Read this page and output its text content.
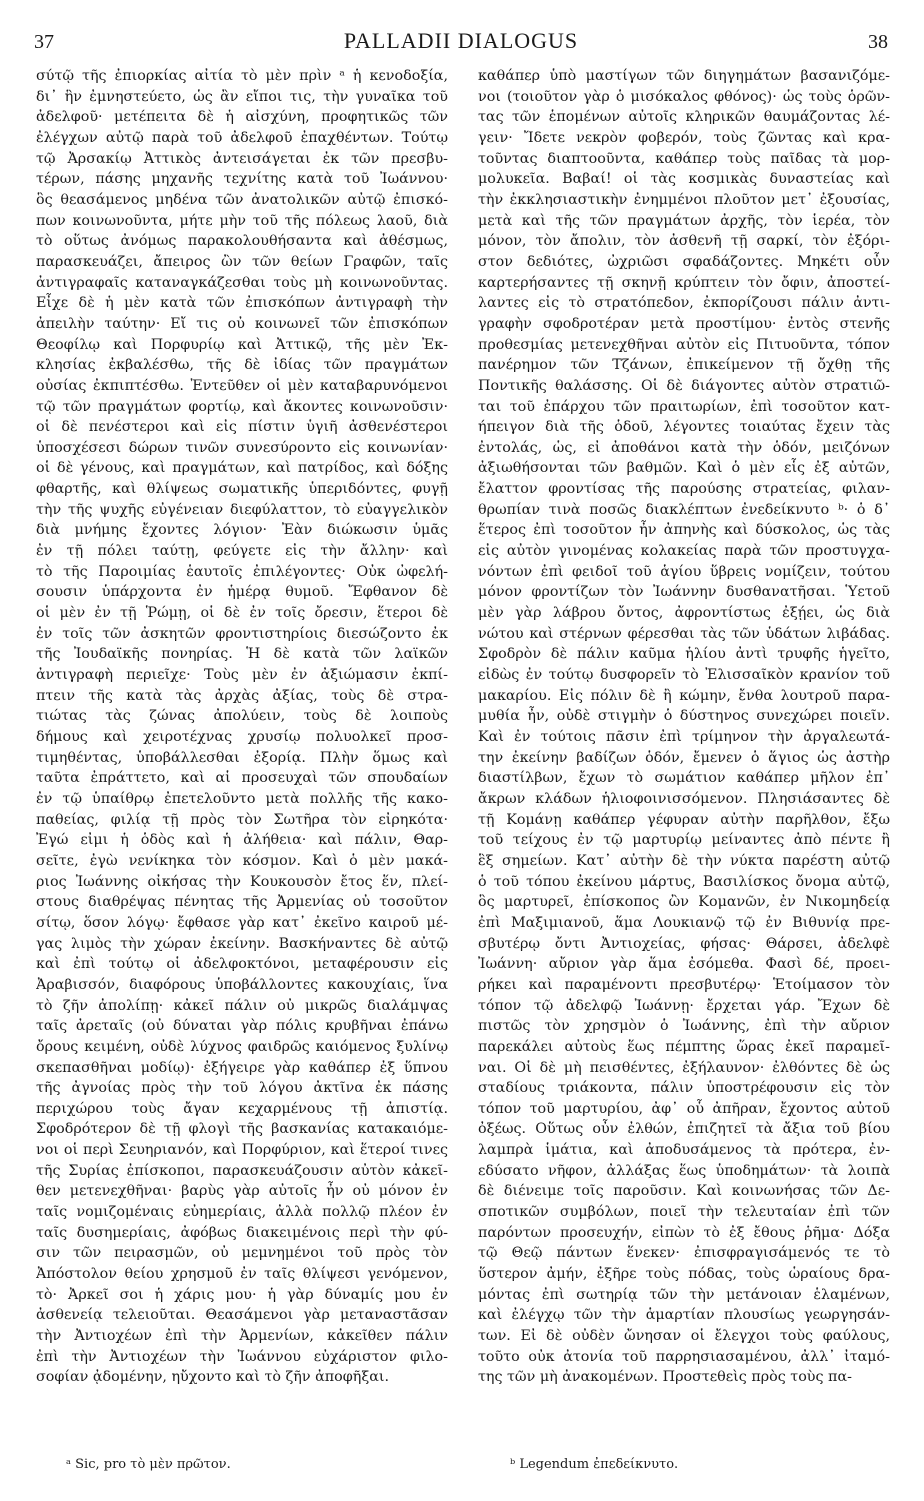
37	PALLADII DIALOGUS	38
σύτῷ τῆς ἐπιορκίας αἰτία τὸ μὲν πρὶν ᵃ ἡ κενοδοξία,
δι᾽ ἣν ἐμνηστεύετο, ὡς ἂν εἴποι τις, τὴν γυναῖκα τοῦ
ἀδελφοῦ· μετέπειτα δὲ ἡ αἰσχύνη, προφητικῶς τῶν
ἐλέγχων αὐτῷ παρὰ τοῦ ἀδελφοῦ ἐπαχθέντων. Τούτῳ
τῷ Ἀρσακίῳ Ἀττικὸς ἀντεισάγεται ἐκ τῶν πρεσβυ-
τέρων, πάσης μηχανῆς τεχνίτης κατὰ τοῦ Ἰωάννου·
ὃς θεασάμενος μηδένα τῶν ἀνατολικῶν αὐτῷ ἐπισκό-
πων κοινωνοῦντα, μήτε μὴν τοῦ τῆς πόλεως λαοῦ, διὰ
τὸ οὕτως ἀνόμως παρακολουθήσαντα καὶ ἀθέσμως,
παρασκευάζει, ἄπειρος ὢν τῶν θείων Γραφῶν, ταῖς
ἀντιγραφαῖς καταναγκάζεσθαι τοὺς μὴ κοινωνοῦντας.
Εἶχε δὲ ἡ μὲν κατὰ τῶν ἐπισκόπων ἀντιγραφὴ τὴν
ἀπειλὴν ταύτην· Εἴ τις οὐ κοινωνεῖ τῶν ἐπισκόπων
Θεοφίλῳ καὶ Πορφυρίῳ καὶ Ἀττικῷ, τῆς μὲν Ἐκ-
κλησίας ἐκβαλέσθω, τῆς δὲ ἰδίας τῶν πραγμάτων
οὐσίας ἐκπιπτέσθω. Ἐντεῦθεν οἱ μὲν καταβαρυνόμενοι
τῷ τῶν πραγμάτων φορτίῳ, καὶ ἄκοντες κοινωνοῦσιν·
οἱ δὲ πενέστεροι καὶ εἰς πίστιν ὑγιῆ ἀσθενέστεροι
ὑποσχέσεσι δώρων τινῶν συνεσύροντο εἰς κοινωνίαν·
οἱ δὲ γένους, καὶ πραγμάτων, καὶ πατρίδος, καὶ δόξης
φθαρτῆς, καὶ θλίψεως σωματικῆς ὑπεριδόντες, φυγῇ
τὴν τῆς ψυχῆς εὐγένειαν διεφύλαττον, τὸ εὐαγγελικὸν
διὰ μνήμης ἔχοντες λόγιον· Ἐὰν διώκωσιν ὑμᾶς
ἐν τῇ πόλει ταύτῃ, φεύγετε εἰς τὴν ἄλλην· καὶ
τὸ τῆς Παροιμίας ἑαυτοῖς ἐπιλέγοντες· Οὐκ ὠφελή-
σουσιν ὑπάρχοντα ἐν ἡμέρᾳ θυμοῦ. Ἔφθανον δὲ
οἱ μὲν ἐν τῇ Ῥώμῃ, οἱ δὲ ἐν τοῖς ὄρεσιν, ἕτεροι δὲ
ἐν τοῖς τῶν ἀσκητῶν φροντιστηρίοις διεσώζοντο ἐκ
τῆς Ἰουδαϊκῆς πονηρίας. Ἡ δὲ κατὰ τῶν λαϊκῶν
ἀντιγραφὴ περιεῖχε· Τοὺς μὲν ἐν ἀξιώμασιν ἐκπί-
πτειν τῆς κατὰ τὰς ἀρχὰς ἀξίας, τοὺς δὲ στρα-
τιώτας τὰς ζώνας ἀπολύειν, τοὺς δὲ λοιποὺς
δήμους καὶ χειροτέχνας χρυσίῳ πολυολκεῖ προσ-
τιμηθέντας, ὑποβάλλεσθαι ἐξορίᾳ. Πλὴν ὅμως καὶ
ταῦτα ἐπράττετο, καὶ αἱ προσευχαὶ τῶν σπουδαίων
ἐν τῷ ὑπαίθρῳ ἐπετελοῦντο μετὰ πολλῆς τῆς κακο-
παθείας, φιλίᾳ τῇ πρὸς τὸν Σωτῆρα τὸν εἰρηκότα·
Ἐγώ εἰμι ἡ ὁδὸς καὶ ἡ ἀλήθεια· καὶ πάλιν, Θαρ-
σεῖτε, ἐγὼ νενίκηκα τὸν κόσμον. Καὶ ὁ μὲν μακά-
ριος Ἰωάννης οἰκήσας τὴν Κουκουσὸν ἔτος ἕν, πλεί-
στους διαθρέψας πένητας τῆς Ἀρμενίας οὐ τοσοῦτον
σίτῳ, ὅσον λόγῳ· ἔφθασε γὰρ κατ᾽ ἐκεῖνο καιροῦ μέ-
γας λιμὸς τὴν χώραν ἐκείνην. Βασκήναντες δὲ αὐτῷ
καὶ ἐπὶ τούτῳ οἱ ἀδελφοκτόνοι, μεταφέρουσιν εἰς
Ἀραβισσόν, διαφόρους ὑποβάλλοντες κακουχίαις, ἵνα
τὸ ζῆν ἀπολίπῃ· κἀκεῖ πάλιν οὐ μικρῶς διαλάμψας
ταῖς ἀρεταῖς (οὐ δύναται γὰρ πόλις κρυβῆναι ἐπάνω
ὄρους κειμένη, οὐδὲ λύχνος φαιδρῶς καιόμενος ξυλίνῳ
σκεπασθῆναι μοδίῳ)· ἐξήγειρε γὰρ καθάπερ ἐξ ὕπνου
τῆς ἀγνοίας πρὸς τὴν τοῦ λόγου ἀκτῖνα ἐκ πάσης
περιχώρου τοὺς ἄγαν κεχαρμένους τῇ ἀπιστίᾳ.
Σφοδρότερον δὲ τῇ φλογὶ τῆς βασκανίας κατακαιόμε-
νοι οἱ περὶ Σευηριανόν, καὶ Πορφύριον, καὶ ἕτεροί τινες
τῆς Συρίας ἐπίσκοποι, παρασκευάζουσιν αὐτὸν κἀκεῖ-
θεν μετενεχθῆναι· βαρὺς γὰρ αὐτοῖς ἦν οὐ μόνον ἐν
ταῖς νομιζομέναις εὐημερίαις, ἀλλὰ πολλῷ πλέον ἐν
ταῖς δυσημερίαις, ἀφόβως διακειμένοις περὶ τὴν φύ-
σιν τῶν πειρασμῶν, οὐ μεμνημένοι τοῦ πρὸς τὸν
Ἀπόστολον θείου χρησμοῦ ἐν ταῖς θλίψεσι γενόμενον,
τὸ· Ἀρκεῖ σοι ἡ χάρις μου· ἡ γὰρ δύναμίς μου ἐν
ἀσθενείᾳ τελειοῦται. Θεασάμενοι γὰρ μεταναστᾶσαν
τὴν Ἀντιοχέων ἐπὶ τὴν Ἀρμενίων, κἀκεῖθεν πάλιν
ἐπὶ τὴν Ἀντιοχέων τὴν Ἰωάννου εὐχάριστον φιλο-
σοφίαν ᾀδομένην, ηὔχοντο καὶ τὸ ζῆν ἀποφῆξαι.
καθάπερ ὑπὸ μαστίγων τῶν διηγημάτων βασανιζόμε-
νοι (τοιοῦτον γὰρ ὁ μισόκαλος φθόνος)· ὡς τοὺς ὁρῶν-
τας τῶν ἑπομένων αὐτοῖς κληρικῶν θαυμάζοντας λέ-
γειν· Ἴδετε νεκρὸν φοβερόν, τοὺς ζῶντας καὶ κρα-
τοῦντας διαπτοοῦντα, καθάπερ τοὺς παῖδας τὰ μορ-
μολυκεῖα. Βαβαί! οἱ τὰς κοσμικὰς δυναστείας καὶ
τὴν ἐκκλησιαστικὴν ἐνημμένοι πλοῦτον μετ᾽ ἐξουσίας,
μετὰ καὶ τῆς τῶν πραγμάτων ἀρχῆς, τὸν ἱερέα, τὸν
μόνον, τὸν ἄπολιν, τὸν ἀσθενῆ τῇ σαρκί, τὸν ἐξόρι-
στον δεδιότες, ὠχριῶσι σφαδάζοντες. Μηκέτι οὖν
καρτερήσαντες τῇ σκηνῇ κρύπτειν τὸν ὄφιν, ἀποστεί-
λαντες εἰς τὸ στρατόπεδον, ἐκπορίζουσι πάλιν ἀντι-
γραφὴν σφοδροτέραν μετὰ προστίμου· ἐντὸς στενῆς
προθεσμίας μετενεχθῆναι αὐτὸν εἰς Πιτυοῦντα, τόπον
πανέρημον τῶν Τζάνων, ἐπικείμενον τῇ ὄχθῃ τῆς
Ποντικῆς θαλάσσης. Οἱ δὲ διάγοντες αὐτὸν στρατιῶ-
ται τοῦ ἐπάρχου τῶν πραιτωρίων, ἐπὶ τοσοῦτον κατ-
ήπειγον διὰ τῆς ὁδοῦ, λέγοντες τοιαύτας ἔχειν τὰς
ἐντολάς, ὡς, εἰ ἀποθάνοι κατὰ τὴν ὁδόν, μειζόνων
ἀξιωθήσονται τῶν βαθμῶν. Καὶ ὁ μὲν εἷς ἐξ αὐτῶν,
ἔλαττον φροντίσας τῆς παρούσης στρατείας, φιλαν-
θρωπίαν τινὰ ποσῶς διακλέπτων ἐνεδείκνυτο ᵇ· ὁ δ᾽
ἕτερος ἐπὶ τοσοῦτον ἦν ἀπηνὴς καὶ δύσκολος, ὡς τὰς
εἰς αὐτὸν γινομένας κολακείας παρὰ τῶν προστυγχα-
νόντων ἐπὶ φειδοῖ τοῦ ἁγίου ὕβρεις νομίζειν, τούτου
μόνον φροντίζων τὸν Ἰωάννην δυσθανατῆσαι. Ὑετοῦ
μὲν γὰρ λάβρου ὄντος, ἀφροντίστως ἐξῄει, ὡς διὰ
νώτου καὶ στέρνων φέρεσθαι τὰς τῶν ὑδάτων λιβάδας.
Σφοδρὸν δὲ πάλιν καῦμα ἡλίου ἀντὶ τρυφῆς ἡγεῖτο,
εἰδὼς ἐν τούτῳ δυσφορεῖν τὸ Ἐλισσαῖκὸν κρανίον τοῦ
μακαρίου. Εἰς πόλιν δὲ ἢ κώμην, ἔνθα λουτροῦ παρα-
μυθία ἦν, οὐδὲ στιγμὴν ὁ δύστηνος συνεχώρει ποιεῖν.
Καὶ ἐν τούτοις πᾶσιν ἐπὶ τρίμηνον τὴν ἀργαλεωτά-
την ἐκείνην βαδίζων ὁδόν, ἔμενεν ὁ ἅγιος ὡς ἀστὴρ
διαστίλβων, ἔχων τὸ σωμάτιον καθάπερ μῆλον ἐπ᾽
ἄκρων κλάδων ἡλιοφοινισσόμενον. Πλησιάσαντες δὲ
τῇ Κομάνῃ καθάπερ γέφυραν αὐτὴν παρῆλθον, ἔξω
τοῦ τείχους ἐν τῷ μαρτυρίῳ μείναντες ἀπὸ πέντε ἢ
ἓξ σημείων. Κατ᾽ αὐτὴν δὲ τὴν νύκτα παρέστη αὐτῷ
ὁ τοῦ τόπου ἐκείνου μάρτυς, Βασιλίσκος ὄνομα αὐτῷ,
ὃς μαρτυρεῖ, ἐπίσκοπος ὢν Κομανῶν, ἐν Νικομηδείᾳ
ἐπὶ Μαξιμιανοῦ, ἅμα Λουκιανῷ τῷ ἐν Βιθυνίᾳ πρε-
σβυτέρῳ ὄντι Ἀντιοχείας, φήσας· Θάρσει, ἀδελφὲ
Ἰωάννη· αὔριον γὰρ ἅμα ἐσόμεθα. Φασὶ δέ, προει-
ρήκει καὶ παραμένοντι πρεσβυτέρῳ· Ἑτοίμασον τὸν
τόπον τῷ ἀδελφῷ Ἰωάννῃ· ἔρχεται γάρ. Ἔχων δὲ
πιστῶς τὸν χρησμὸν ὁ Ἰωάννης, ἐπὶ τὴν αὔριον
παρεκάλει αὐτοὺς ἕως πέμπτης ὥρας ἐκεῖ παραμεῖ-
ναι. Οἱ δὲ μὴ πεισθέντες, ἐξήλαυνον· ἐλθόντες δὲ ὡς
σταδίους τριάκοντα, πάλιν ὑποστρέφουσιν εἰς τὸν
τόπον τοῦ μαρτυρίου, ἀφ᾽ οὗ ἀπῆραν, ἔχοντος αὐτοῦ
ὀξέως. Οὕτως οὖν ἐλθών, ἐπιζητεῖ τὰ ἄξια τοῦ βίου
λαμπρὰ ἱμάτια, καὶ ἀποδυσάμενος τὰ πρότερα, ἐν-
εδύσατο νῆφον, ἀλλάξας ἕως ὑποδημάτων· τὰ λοιπὰ
δὲ διένειμε τοῖς παροῦσιν. Καὶ κοινωνήσας τῶν Δε-
σποτικῶν συμβόλων, ποιεῖ τὴν τελευταίαν ἐπὶ τῶν
παρόντων προσευχήν, εἰπὼν τὸ ἐξ ἔθους ῥῆμα· Δόξα
τῷ Θεῷ πάντων ἕνεκεν· ἐπισφραγισάμενός τε τὸ
ὕστερον ἀμήν, ἐξῆρε τοὺς πόδας, τοὺς ὡραίους δρα-
μόντας ἐπὶ σωτηρίᾳ τῶν τὴν μετάνοιαν ἑλαμένων,
καὶ ἐλέγχῳ τῶν τὴν ἁμαρτίαν πλουσίως γεωργησάν-
των. Εἰ δὲ οὐδὲν ὤνησαν οἱ ἔλεγχοι τοὺς φαύλους,
τοῦτο οὐκ ἀτονία τοῦ παρρησιασαμένου, ἀλλ᾽ ἰταμό-
της τῶν μὴ ἀνακομένων. Προστεθεὶς πρὸς τοὺς πα-
ᵃ Sic, pro τὸ μὲν πρῶτον.	ᵇ Legendum ἐπεδείκνυτο.
